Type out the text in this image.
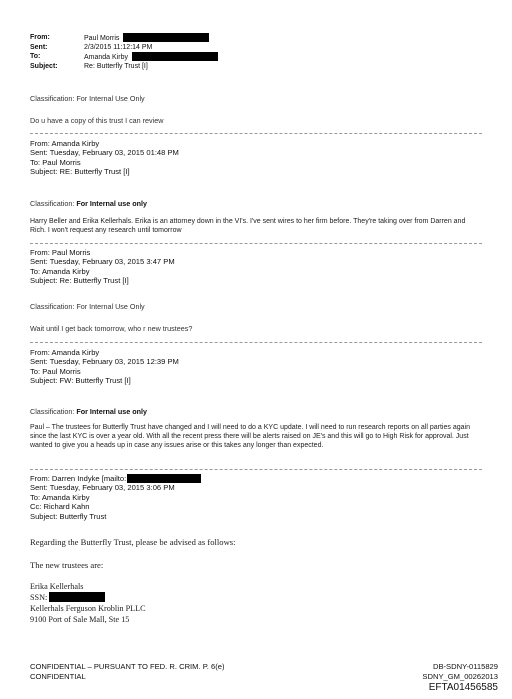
From:	Paul Morris
Sent:	2/3/2015 11:12:14 PM
To:	Amanda Kirby
Subject:	Re: Butterfly Trust [I]
Classification: For Internal Use Only
Do u have a copy of this trust I can review
From: Amanda Kirby
Sent: Tuesday, February 03, 2015 01:48 PM
To: Paul Morris
Subject: RE: Butterfly Trust [I]
Classification: For Internal use only
Harry Beller and Erika Kellerhals. Erika is an attorney down in the VI's. I've sent wires to her firm before. They're taking over from Darren and Rich. I won't request any research until tomorrow
From: Paul Morris
Sent: Tuesday, February 03, 2015 3:47 PM
To: Amanda Kirby
Subject: Re: Butterfly Trust [I]
Classification: For Internal Use Only
Wait until I get back tomorrow, who r new trustees?
From: Amanda Kirby
Sent: Tuesday, February 03, 2015 12:39 PM
To: Paul Morris
Subject: FW: Butterfly Trust [I]
Classification: For Internal use only
Paul – The trustees for Butterfly Trust have changed and I will need to do a KYC update. I will need to run research reports on all parties again since the last KYC is over a year old. With all the recent press there will be alerts raised on JE's and this will go to High Risk for approval. Just wanted to give you a heads up in case any issues arise or this takes any longer than expected.
From: Darren Indyke [mailto:
Sent: Tuesday, February 03, 2015 3:06 PM
To: Amanda Kirby
Cc: Richard Kahn
Subject: Butterfly Trust
Regarding the Butterfly Trust, please be advised as follows:
The new trustees are:
Erika Kellerhals
SSN:
Kellerhals Ferguson Kroblin PLLC
9100 Port of Sale Mall, Ste 15
CONFIDENTIAL – PURSUANT TO FED. R. CRIM. P. 6(e)
CONFIDENTIAL
DB-SDNY-0115829
SDNY_GM_00262013
EFTA01456585
